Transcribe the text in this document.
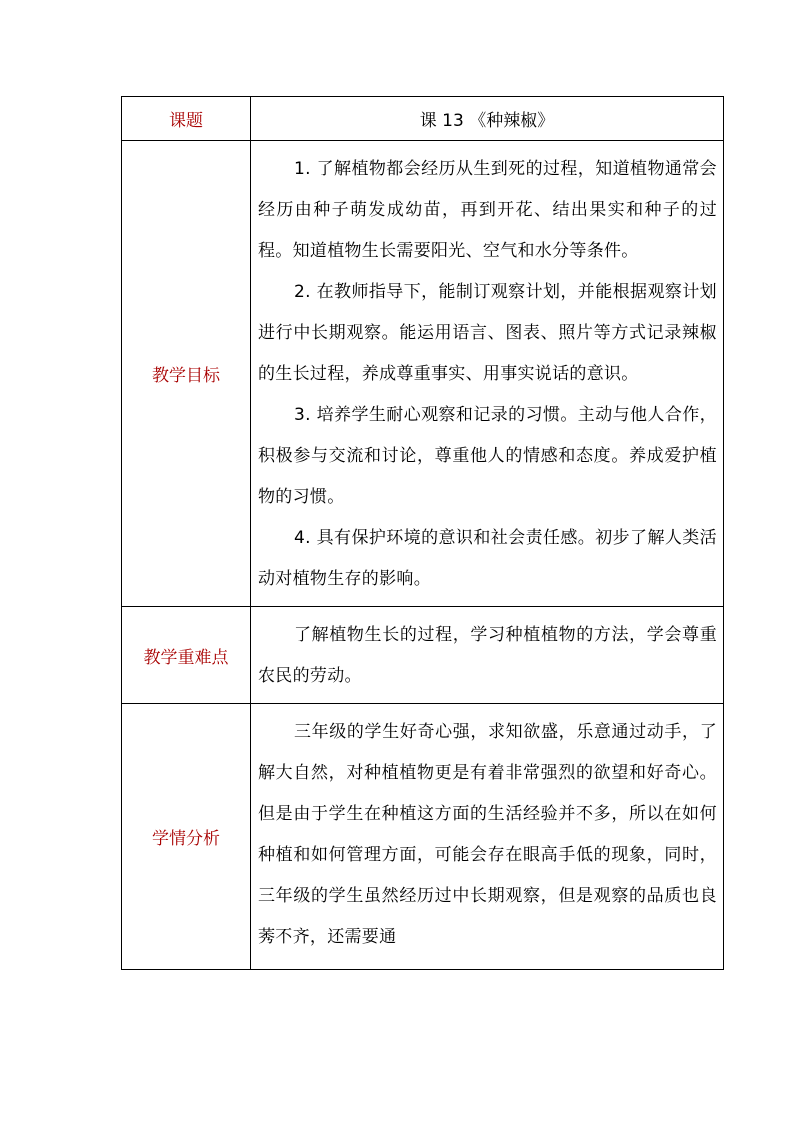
课题	课 13 《种辣椒》
教学目标	1. 了解植物都会经历从生到死的过程，知道植物通常会经历由种子萌发成幼苗，再到开花、结出果实和种子的过程。知道植物生长需要阳光、空气和水分等条件。

2. 在教师指导下，能制订观察计划，并能根据观察计划进行中长期观察。能运用语言、图表、照片等方式记录辣椒的生长过程，养成尊重事实、用事实说话的意识。

3. 培养学生耐心观察和记录的习惯。主动与他人合作，积极参与交流和讨论，尊重他人的情感和态度。养成爱护植物的习惯。

4. 具有保护环境的意识和社会责任感。初步了解人类活动对植物生存的影响。

教学重难点	了解植物生长的过程，学习种植植物的方法，学会尊重农民的劳动。

学情分析	三年级的学生好奇心强，求知欲盛，乐意通过动手，了解大自然，对种植植物更是有着非常强烈的欲望和好奇心。但是由于学生在种植这方面的生活经验并不多，所以在如何种植和如何管理方面，可能会存在眼高手低的现象，同时，三年级的学生虽然经历过中长期观察，但是观察的品质也良莠不齐，还需要通
